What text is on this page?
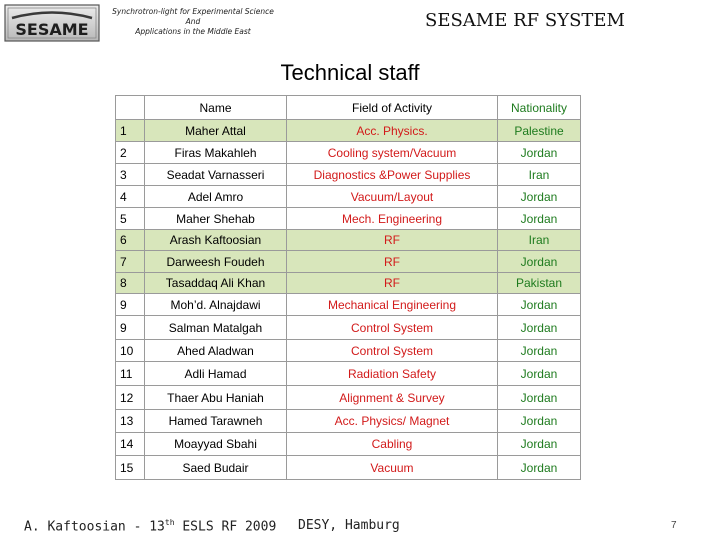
SESAME
Synchrotron-light for Experimental Science
And
Applications in the Middle East
SESAME RF SYSTEM
Technical staff
	Name	Field of Activity	Nationality
1	Maher Attal	Acc. Physics.	Palestine
2	Firas Makahleh	Cooling system/Vacuum	Jordan
3	Seadat Varnasseri	Diagnostics &Power Supplies	Iran
4	Adel Amro	Vacuum/Layout	Jordan
5	Maher Shehab	Mech. Engineering	Jordan
6	Arash Kaftoosian	RF	Iran
7	Darweesh Foudeh	RF	Jordan
8	Tasaddaq Ali Khan	RF	Pakistan
9	Moh’d. Alnajdawi	Mechanical Engineering	Jordan
9	Salman Matalgah	Control System	Jordan
10	Ahed Aladwan	Control System	Jordan
11	Adli Hamad	Radiation Safety	Jordan
12	Thaer Abu Haniah	Alignment & Survey	Jordan
13	Hamed Tarawneh	Acc. Physics/ Magnet	Jordan
14	Moayyad Sbahi	Cabling	Jordan
15	Saed Budair	Vacuum	Jordan
A. Kaftoosian - 13th ESLS RF 2009 DESY, Hamburg	7
